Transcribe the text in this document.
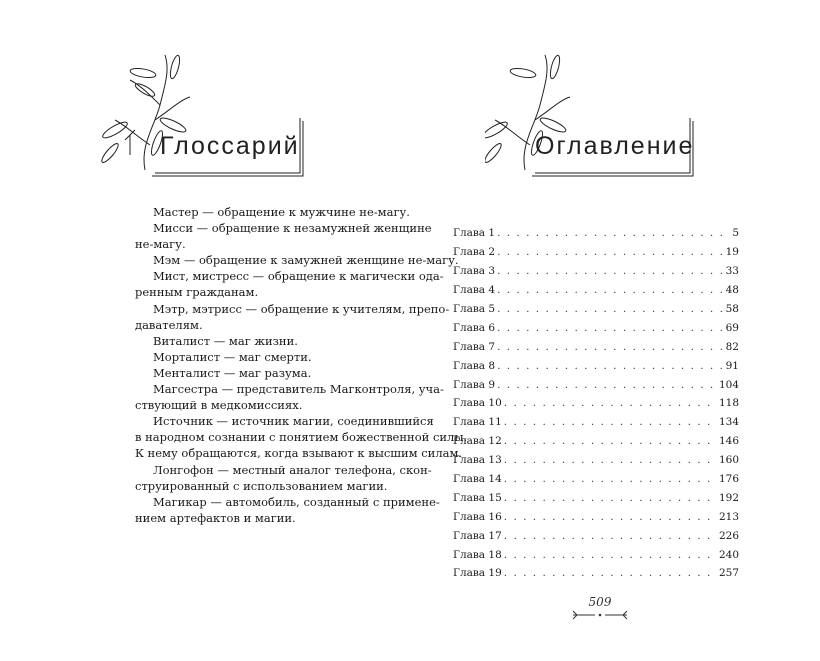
Глоссарий	Оглавление
Мастер — обращение к мужчине не-магу.
Мисси — обращение к незамужней женщине
не-магу.
Мэм — обращение к замужней женщине не-магу.
Мист, мистресс — обращение к магически ода-
ренным гражданам.
Мэтр, мэтрисс — обращение к учителям, препо-
давателям.
Виталист — маг жизни.
Морталист — маг смерти.
Менталист — маг разума.
Магсестра — представитель Магконтроля, уча-
ствующий в медкомиссиях.
Источник — источник магии, соединившийся
в народном сознании с понятием божественной силы.
К нему обращаются, когда взывают к высшим силам.
Лонгофон — местный аналог телефона, скон-
струированный с использованием магии.
Магикар — автомобиль, созданный с примене-
нием артефактов и магии.
Глава 1 . . .	5
Глава 2 . . .	19
Глава 3 . . .	33
Глава 4 . . .	48
Глава 5 . . .	58
Глава 6 . . .	69
Глава 7 . . .	82
Глава 8 . . .	91
Глава 9 . . .	104
Глава 10 . . .	118
Глава 11 . . .	134
Глава 12 . . .	146
Глава 13 . . .	160
Глава 14 . . .	176
Глава 15 . . .	192
Глава 16 . . .	213
Глава 17 . . .	226
Глава 18 . . .	240
Глава 19 . . .	257
509
